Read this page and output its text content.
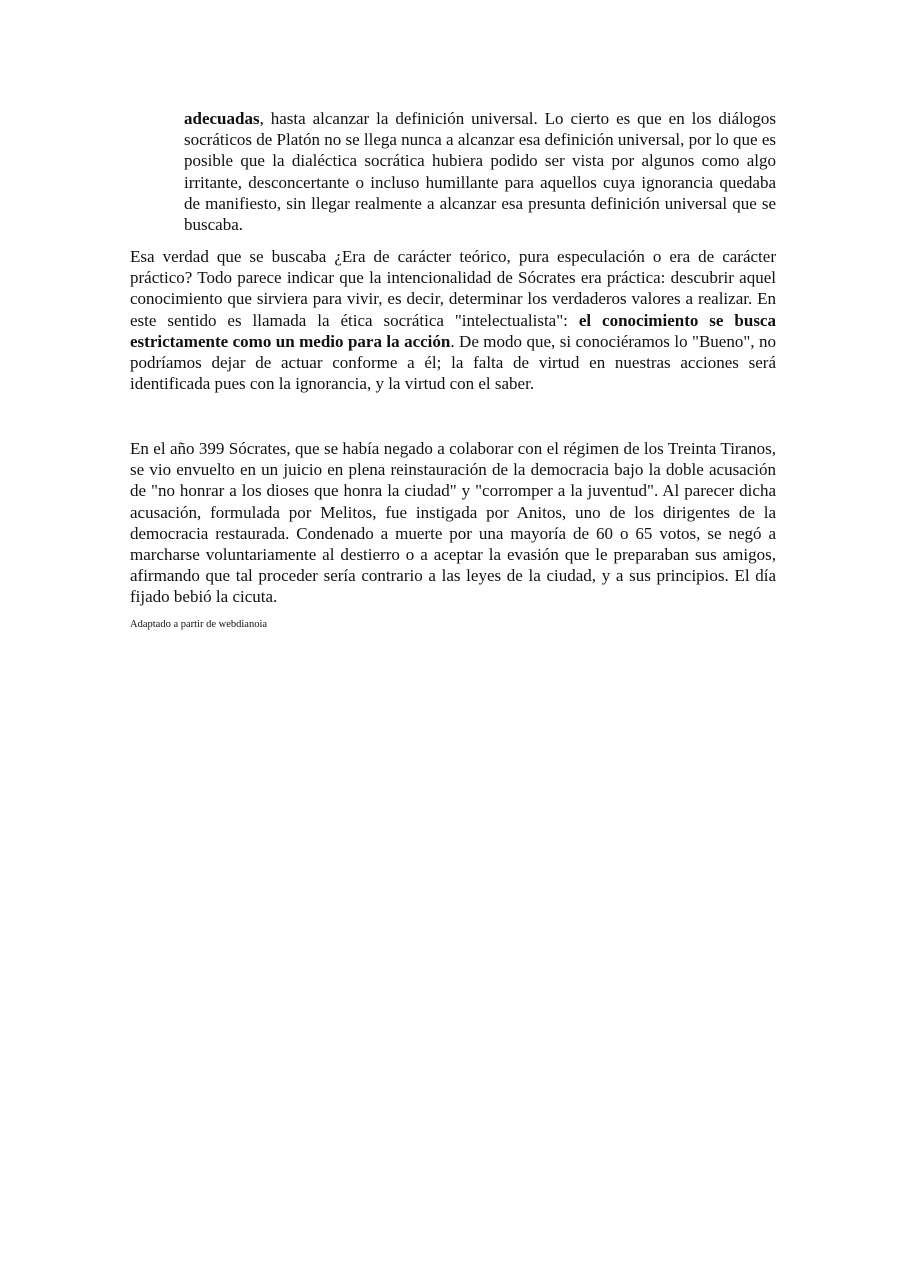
adecuadas, hasta alcanzar la definición universal. Lo cierto es que en los diálogos socráticos de Platón no se llega nunca a alcanzar esa definición universal, por lo que es posible que la dialéctica socrática hubiera podido ser vista por algunos como algo irritante, desconcertante o incluso humillante para aquellos cuya ignorancia quedaba de manifiesto, sin llegar realmente a alcanzar esa presunta definición universal que se buscaba.

Esa verdad que se buscaba ¿Era de carácter teórico, pura especulación o era de carácter práctico? Todo parece indicar que la intencionalidad de Sócrates era práctica: descubrir aquel conocimiento que sirviera para vivir, es decir, determinar los verdaderos valores a realizar. En este sentido es llamada la ética socrática "intelectualista": el conocimiento se busca estrictamente como un medio para la acción. De modo que, si conociéramos lo "Bueno", no podríamos dejar de actuar conforme a él; la falta de virtud en nuestras acciones será identificada pues con la ignorancia, y la virtud con el saber.

En el año 399 Sócrates, que se había negado a colaborar con el régimen de los Treinta Tiranos, se vio envuelto en un juicio en plena reinstauración de la democracia bajo la doble acusación de "no honrar a los dioses que honra la ciudad" y "corromper a la juventud". Al parecer dicha acusación, formulada por Melitos, fue instigada por Anitos, uno de los dirigentes de la democracia restaurada. Condenado a muerte por una mayoría de 60 o 65 votos, se negó a marcharse voluntariamente al destierro o a aceptar la evasión que le preparaban sus amigos, afirmando que tal proceder sería contrario a las leyes de la ciudad, y a sus principios. El día fijado bebió la cicuta.

Adaptado a partir de webdianoia
